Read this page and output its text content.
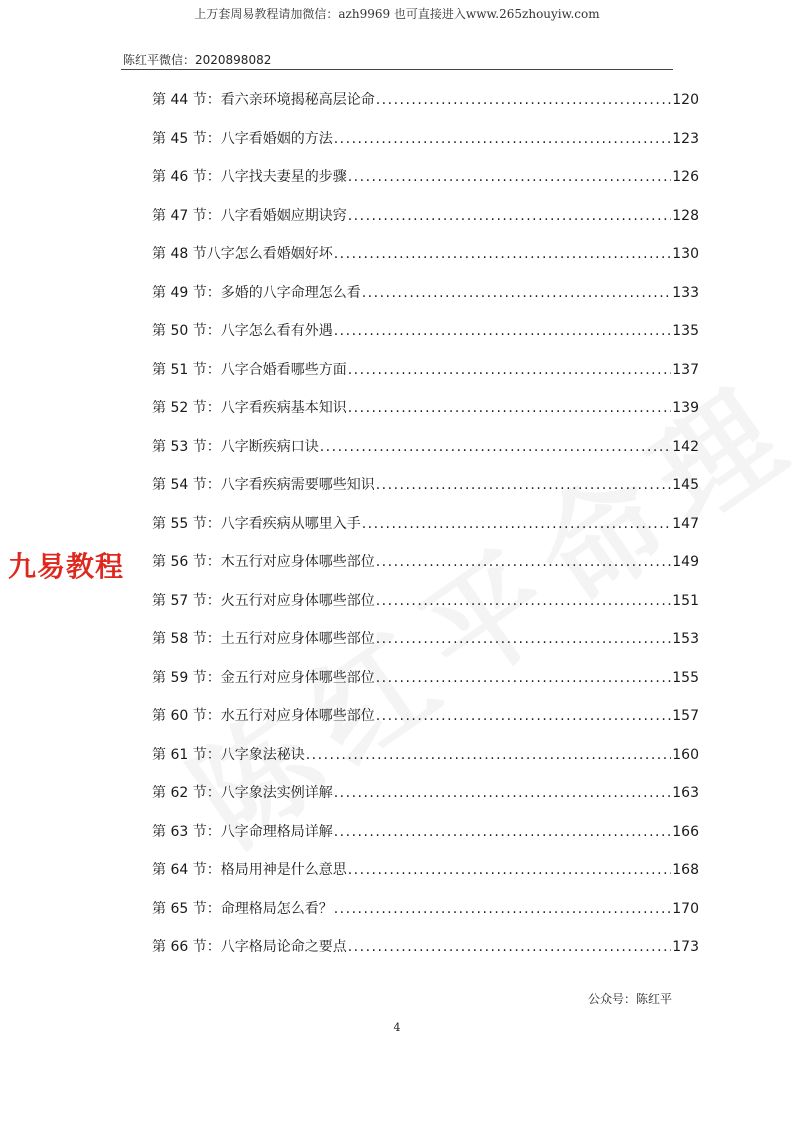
上万套周易教程请加微信：azh9969 也可直接进入www.265zhouyiw.com
陈红平微信：2020898082
九易教程
第 44 节：看六亲环境揭秘高层论命 .....	120
第 45 节：八字看婚姻的方法 .....	123
第 46 节：八字找夫妻星的步骤 .....	126
第 47 节：八字看婚姻应期诀窍 .....	128
第 48 节八字怎么看婚姻好坏 .....	130
第 49 节：多婚的八字命理怎么看 .....	133
第 50 节：八字怎么看有外遇 .....	135
第 51 节：八字合婚看哪些方面 .....	137
第 52 节：八字看疾病基本知识 .....	139
第 53 节：八字断疾病口诀 .....	142
第 54 节：八字看疾病需要哪些知识 .....	145
第 55 节：八字看疾病从哪里入手 .....	147
第 56 节：木五行对应身体哪些部位 .....	149
第 57 节：火五行对应身体哪些部位 .....	151
第 58 节：土五行对应身体哪些部位 .....	153
第 59 节：金五行对应身体哪些部位 .....	155
第 60 节：水五行对应身体哪些部位 .....	157
第 61 节：八字象法秘诀 .....	160
第 62 节：八字象法实例详解 .....	163
第 63 节：八字命理格局详解 .....	166
第 64 节：格局用神是什么意思 .....	168
第 65 节：命理格局怎么看？ .....	170
第 66 节：八字格局论命之要点 .....	173
公众号：陈红平
4
